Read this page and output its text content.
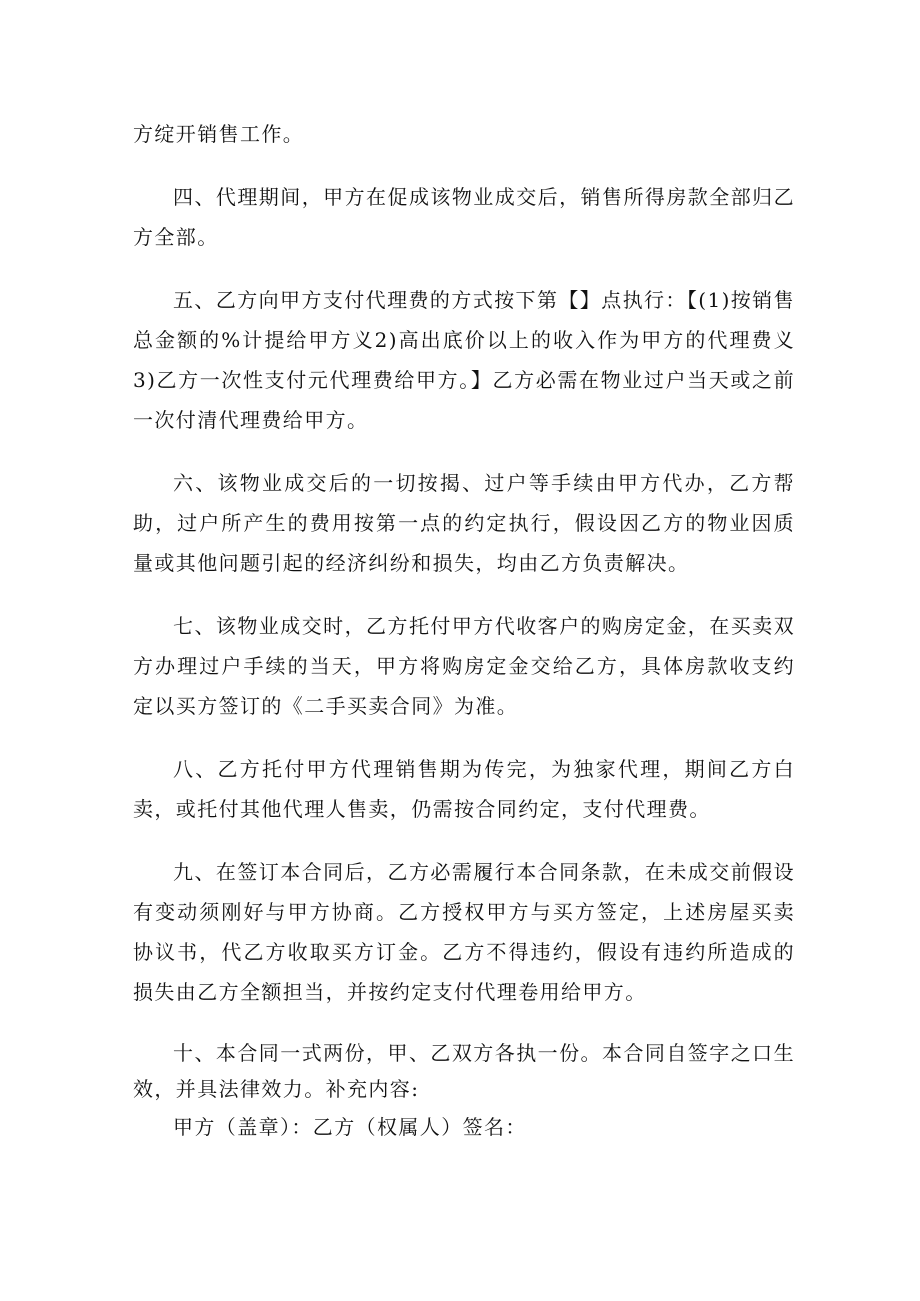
方绽开销售工作。

四、代理期间，甲方在促成该物业成交后，销售所得房款全部归乙方全部。

五、乙方向甲方支付代理费的方式按下第【】点执行：【(1)按销售总金额的%计提给甲方义2)高出底价以上的收入作为甲方的代理费义3)乙方一次性支付元代理费给甲方。】乙方必需在物业过户当天或之前一次付清代理费给甲方。

六、该物业成交后的一切按揭、过户等手续由甲方代办，乙方帮助，过户所产生的费用按第一点的约定执行，假设因乙方的物业因质量或其他问题引起的经济纠纷和损失，均由乙方负责解决。

七、该物业成交时，乙方托付甲方代收客户的购房定金，在买卖双方办理过户手续的当天，甲方将购房定金交给乙方，具体房款收支约定以买方签订的《二手买卖合同》为准。

八、乙方托付甲方代理销售期为传完，为独家代理，期间乙方白卖，或托付其他代理人售卖，仍需按合同约定，支付代理费。

九、在签订本合同后，乙方必需履行本合同条款，在未成交前假设有变动须刚好与甲方协商。乙方授权甲方与买方签定，上述房屋买卖协议书，代乙方收取买方订金。乙方不得违约，假设有违约所造成的损失由乙方全额担当，并按约定支付代理卷用给甲方。

十、本合同一式两份，甲、乙双方各执一份。本合同自签字之口生效，并具法律效力。补充内容:

甲方（盖章）：乙方（权属人）签名：
